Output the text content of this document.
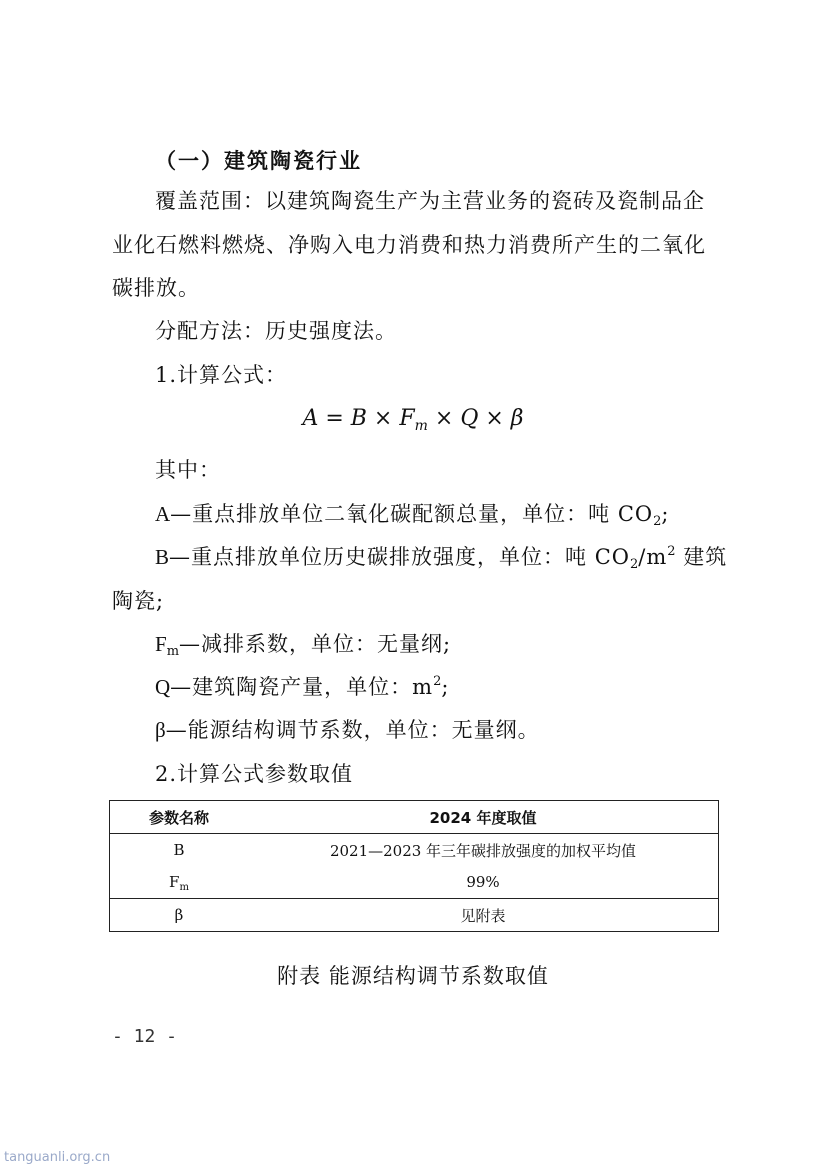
（一）建筑陶瓷行业
覆盖范围：以建筑陶瓷生产为主营业务的瓷砖及瓷制品企
业化石燃料燃烧、净购入电力消费和热力消费所产生的二氧化
碳排放。
分配方法：历史强度法。
1.计算公式：
$A = B \times F_m \times Q \times \beta$
其中：
A—重点排放单位二氧化碳配额总量，单位：吨 CO2;
B—重点排放单位历史碳排放强度，单位：吨 $CO2/m^2$ 建筑
陶瓷;
Fm—减排系数，单位：无量纲;
Q—建筑陶瓷产量，单位：$m^2$;
β—能源结构调节系数，单位：无量纲。
2.计算公式参数取值
参数名称	2024 年度取值
B	2021—2023 年三年碳排放强度的加权平均值
$F_m$	99%
β	见附表
附表 能源结构调节系数取值
- 12 -
tanguanli.org.cn
